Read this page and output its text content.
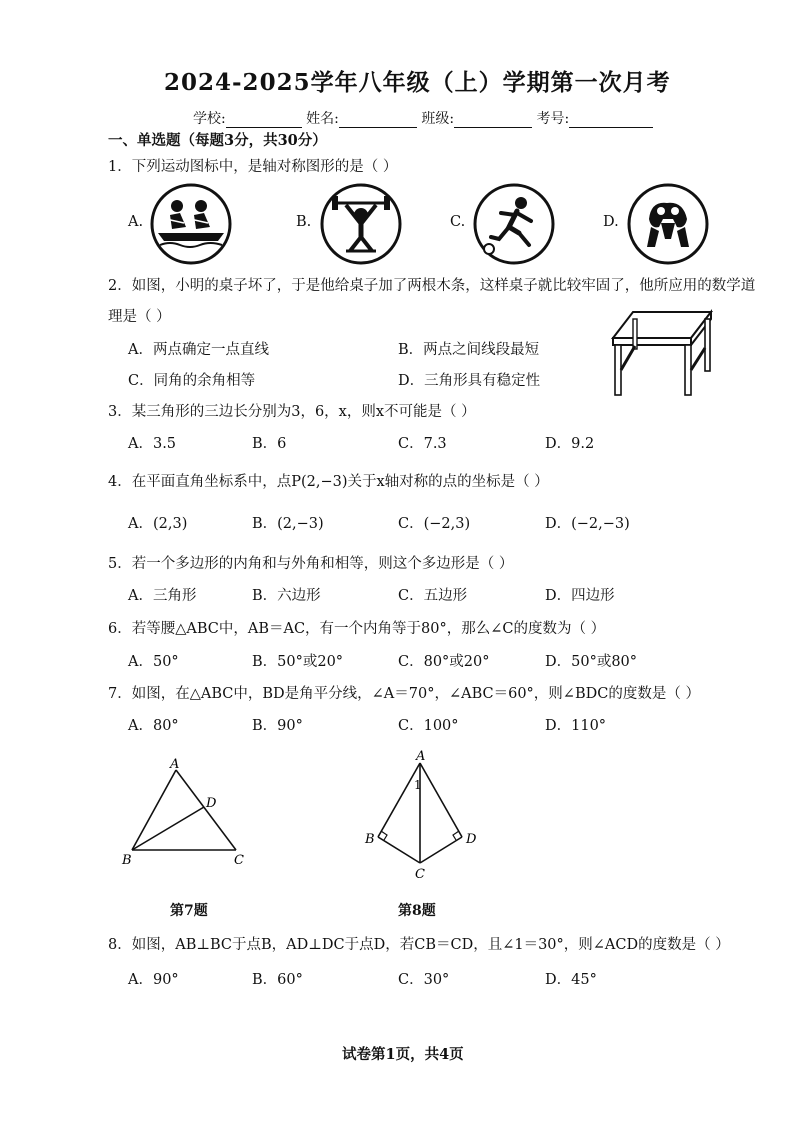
2024-2025学年八年级（上）学期第一次月考
学校:	姓名:	班级:	考号:
一、单选题（每题3分，共30分）
1．下列运动图标中，是轴对称图形的是（ ）
A.	B.	C.	D.
2．如图，小明的桌子坏了，于是他给桌子加了两根木条，这样桌子就比较牢固了，他所应用的数学道
理是（ ）
A．两点确定一点直线	B．两点之间线段最短
C．同角的余角相等	D．三角形具有稳定性
3．某三角形的三边长分别为3，6，x，则x不可能是（ ）
A．3.5	B．6	C．7.3	D．9.2
4．在平面直角坐标系中，点P(2,−3)关于x轴对称的点的坐标是（ ）
A．(2,3)	B．(2,−3)	C．(−2,3)	D．(−2,−3)
5．若一个多边形的内角和与外角和相等，则这个多边形是（ ）
A．三角形	B．六边形	C．五边形	D．四边形
6．若等腰△ABC中，AB＝AC，有一个内角等于80°，那么∠C的度数为（ ）
A．50°	B．50°或20°	C．80°或20°	D．50°或80°
7．如图，在△ABC中，BD是角平分线，∠A＝70°，∠ABC＝60°，则∠BDC的度数是（ ）
A．80°	B．90°	C．100°	D．110°
A
D
B	C
A
1
B	D
C
第7题	第8题
8．如图，AB⊥BC于点B，AD⊥DC于点D，若CB＝CD，且∠1＝30°，则∠ACD的度数是（ ）
A．90°	B．60°	C．30°	D．45°
试卷第1页，共4页
